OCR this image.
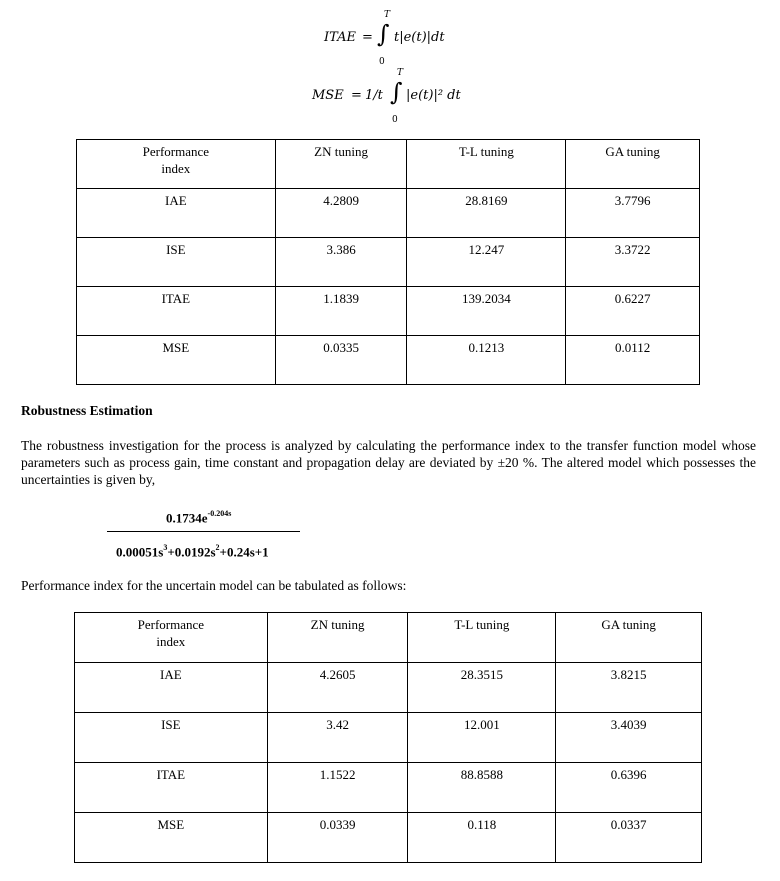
ITAE =
T
∫
0
t|e(t)|dt
MSE = 1/t
T
∫
0
|e(t)|² dt
Performance
index	ZN tuning	T-L tuning	GA tuning
IAE	4.2809	28.8169	3.7796
ISE	3.386	12.247	3.3722
ITAE	1.1839	139.2034	0.6227
MSE	0.0335	0.1213	0.0112
Robustness Estimation
The robustness investigation for the process is analyzed by calculating the performance index to the transfer function model whose parameters such as process gain, time constant and propagation delay are deviated by ±20 %. The altered model which possesses the uncertainties is given by,
$0.1734e^{-0.204s}$
$0.00051s^3+0.0192s^2+0.24s+1$
Performance index for the uncertain model can be tabulated as follows:
Performance
index	ZN tuning	T-L tuning	GA tuning
IAE	4.2605	28.3515	3.8215
ISE	3.42	12.001	3.4039
ITAE	1.1522	88.8588	0.6396
MSE	0.0339	0.118	0.0337
